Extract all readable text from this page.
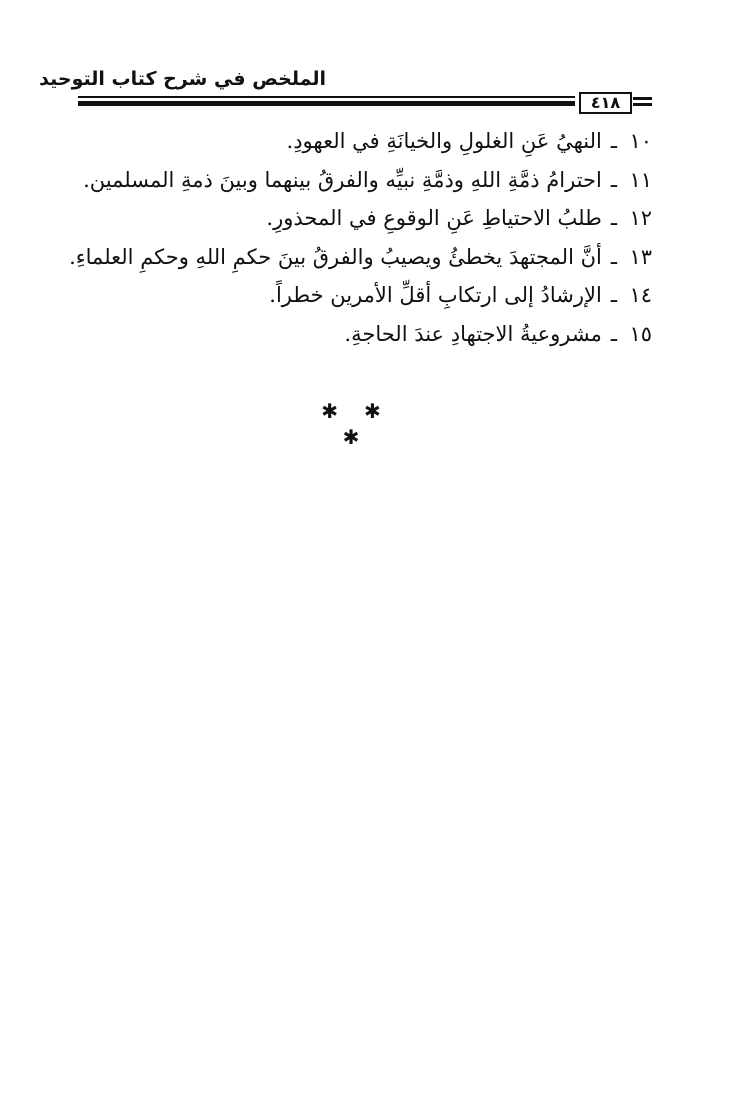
الملخص في شرح كتاب التوحيد
٤١٨
١٠ـالنهيُ عَنِ الغلولِ والخيانَةِ في العهودِ.
١١ـاحترامُ ذمَّةِ اللهِ وذمَّةِ نبيِّه والفرقُ بينهما وبينَ ذمةِ المسلمين.
١٢ـطلبُ الاحتياطِ عَنِ الوقوعِ في المحذورِ.
١٣ـأنَّ المجتهدَ يخطئُ ويصيبُ والفرقُ بينَ حكمِ اللهِ وحكمِ العلماءِ.
١٤ـالإرشادُ إلى ارتكابِ أقلِّ الأمرين خطراً.
١٥ـمشروعيةُ الاجتهادِ عندَ الحاجةِ.
✱✱✱
